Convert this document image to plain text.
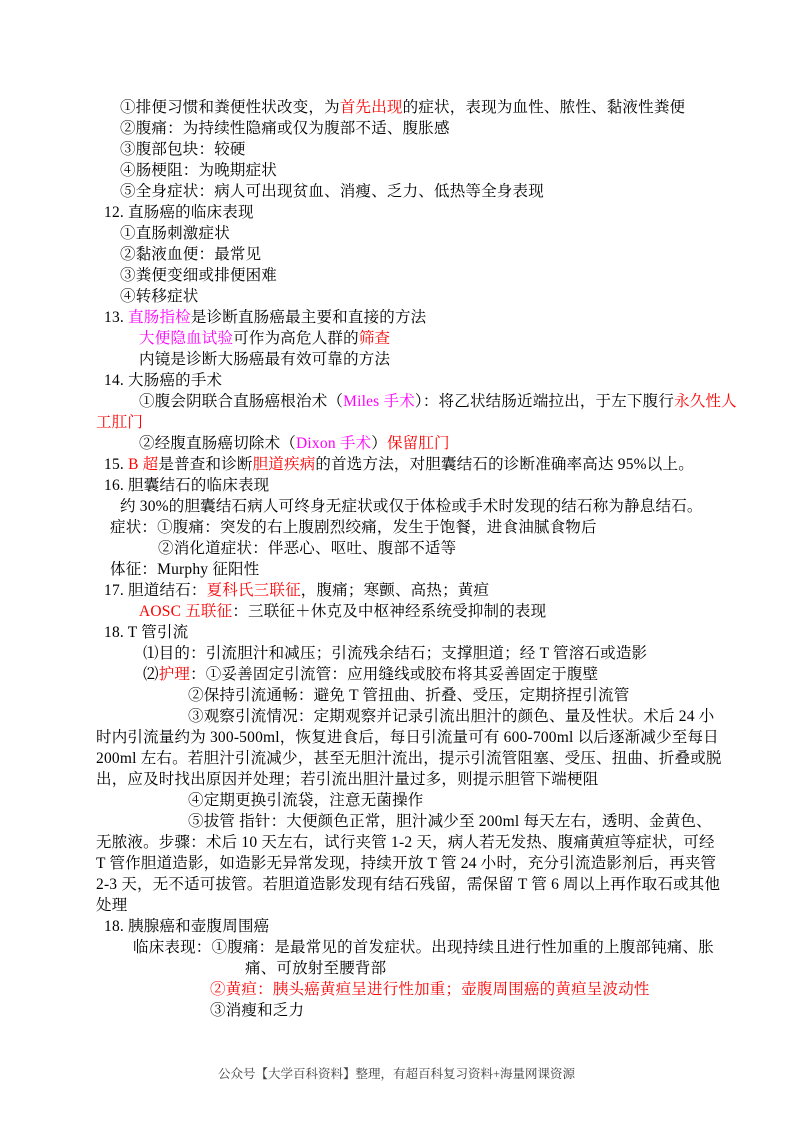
①排便习惯和粪便性状改变，为首先出现的症状，表现为血性、脓性、黏液性粪便
②腹痛：为持续性隐痛或仅为腹部不适、腹胀感
③腹部包块：较硬
④肠梗阻：为晚期症状
⑤全身症状：病人可出现贫血、消瘦、乏力、低热等全身表现
12. 直肠癌的临床表现
①直肠刺激症状
②黏液血便：最常见
③粪便变细或排便困难
④转移症状
13. 直肠指检是诊断直肠癌最主要和直接的方法
大便隐血试验可作为高危人群的筛查
内镜是诊断大肠癌最有效可靠的方法
14. 大肠癌的手术
①腹会阴联合直肠癌根治术（Miles 手术）：将乙状结肠近端拉出，于左下腹行永久性人
工肛门
②经腹直肠癌切除术（Dixon 手术）保留肛门
15. B 超是普查和诊断胆道疾病的首选方法，对胆囊结石的诊断准确率高达 95%以上。
16. 胆囊结石的临床表现
约 30%的胆囊结石病人可终身无症状或仅于体检或手术时发现的结石称为静息结石。
症状：①腹痛：突发的右上腹剧烈绞痛，发生于饱餐，进食油腻食物后
②消化道症状：伴恶心、呕吐、腹部不适等
体征：Murphy 征阳性
17. 胆道结石：夏科氏三联征，腹痛；寒颤、高热；黄疸
AOSC 五联征：三联征＋休克及中枢神经系统受抑制的表现
18. T 管引流
⑴目的：引流胆汁和减压；引流残余结石；支撑胆道；经 T 管溶石或造影
⑵护理：①妥善固定引流管：应用缝线或胶布将其妥善固定于腹壁
②保持引流通畅：避免 T 管扭曲、折叠、受压，定期挤捏引流管
③观察引流情况：定期观察并记录引流出胆汁的颜色、量及性状。术后 24 小
时内引流量约为 300-500ml，恢复进食后，每日引流量可有 600-700ml 以后逐渐减少至每日
200ml 左右。若胆汁引流减少，甚至无胆汁流出，提示引流管阻塞、受压、扭曲、折叠或脱
出，应及时找出原因并处理；若引流出胆汁量过多，则提示胆管下端梗阻
④定期更换引流袋，注意无菌操作
⑤拔管 指针：大便颜色正常，胆汁减少至 200ml 每天左右，透明、金黄色、
无脓液。步骤：术后 10 天左右，试行夹管 1-2 天，病人若无发热、腹痛黄疸等症状，可经
T 管作胆道造影，如造影无异常发现，持续开放 T 管 24 小时，充分引流造影剂后，再夹管
2-3 天，无不适可拔管。若胆道造影发现有结石残留，需保留 T 管 6 周以上再作取石或其他
处理
18. 胰腺癌和壶腹周围癌
临床表现：①腹痛：是最常见的首发症状。出现持续且进行性加重的上腹部钝痛、胀
痛、可放射至腰背部
②黄疸：胰头癌黄疸呈进行性加重；壶腹周围癌的黄疸呈波动性
③消瘦和乏力
公众号【大学百科资料】整理，有超百科复习资料+海量网课资源
